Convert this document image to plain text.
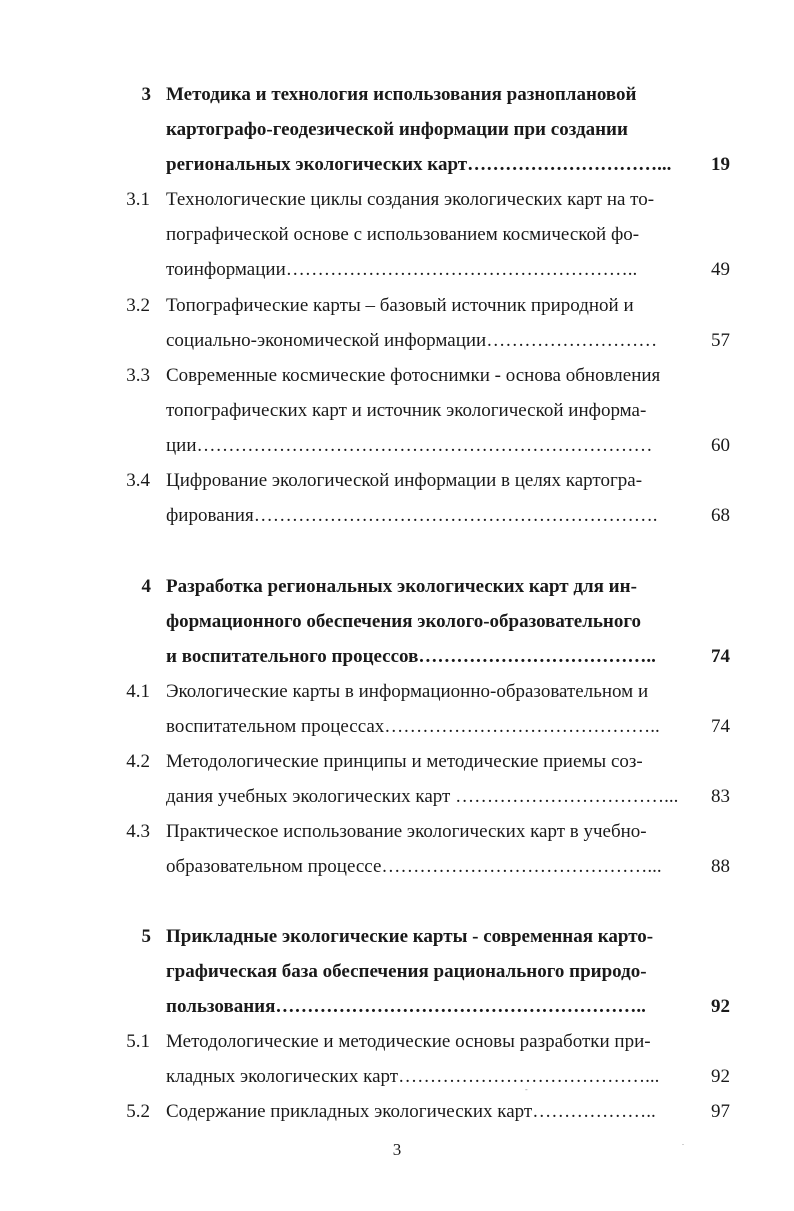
3 Методика и технология использования разноплановой
картографо-геодезической информации при создании
региональных экологических карт…………………………...	19
3.1 Технологические циклы создания экологических карт на то-
пографической основе с использованием космической фо-
тоинформации………………………………………………..	49
3.2 Топографические карты – базовый источник природной и
социально-экономической информации………………………	57
3.3 Современные космические фотоснимки - основа обновления
топографических карт и источник экологической информа-
ции………………………………………………………………	60
3.4 Цифрование экологической информации в целях картогра-
фирования……………………………………………………….	68
4 Разработка региональных экологических карт для ин-
формационного обеспечения эколого-образовательного
и воспитательного процессов………………………………..	74
4.1 Экологические карты в информационно-образовательном и
воспитательном процессах……………………………………..	74
4.2 Методологические принципы и методические приемы соз-
дания учебных экологических карт ……………………………...	83
4.3 Практическое использование экологических карт в учебно-
образовательном процессе……………………………………...	88
5 Прикладные экологические карты - современная карто-
графическая база обеспечения рационального природо-
пользования…………………………………………………..	92
5.1 Методологические и методические основы разработки при-
кладных экологических карт…………………………………...	92
5.2 Содержание прикладных экологических карт………………..	97
3
-
.
